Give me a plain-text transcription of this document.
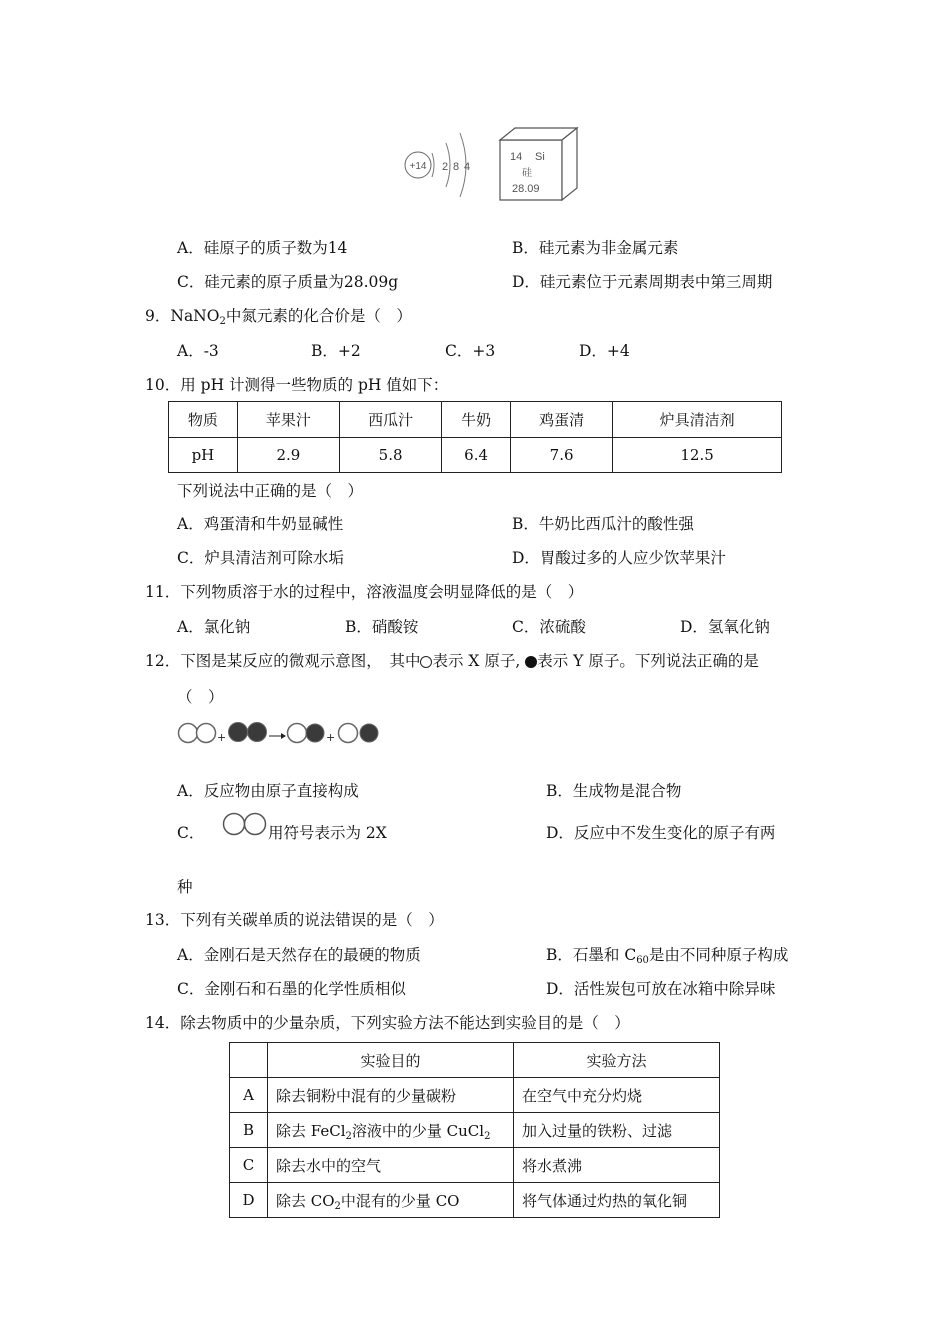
+14 2 8 4
14 Si
硅
28.09
A．硅原子的质子数为14	B．硅元素为非金属元素
C．硅元素的原子质量为28.09g	D．硅元素位于元素周期表中第三周期
9．NaNO$_2$中氮元素的化合价是（　）
A．-3	B．+2	C．+3	D．+4
10．用 pH 计测得一些物质的 pH 值如下：
物质	苹果汁	西瓜汁	牛奶	鸡蛋清	炉具清洁剂
pH	2.9	5.8	6.4	7.6	12.5
下列说法中正确的是（　）
A．鸡蛋清和牛奶显碱性	B．牛奶比西瓜汁的酸性强
C．炉具清洁剂可除水垢	D．胃酸过多的人应少饮苹果汁
11．下列物质溶于水的过程中，溶液温度会明显降低的是（　）
A．氯化钠	B．硝酸铵	C．浓硫酸	D．氢氧化钠
12．下图是某反应的微观示意图，　其中 表示 X 原子, 表示 Y 原子。下列说法正确的是
（　）
+	+
A．反应物由原子直接构成	B．生成物是混合物
C．	用符号表示为 2X	D．反应中不发生变化的原子有两
种
13．下列有关碳单质的说法错误的是（　）
A．金刚石是天然存在的最硬的物质	B．石墨和 $C_{60}$是由不同种原子构成
C．金刚石和石墨的化学性质相似	D．活性炭包可放在冰箱中除异味
14．除去物质中的少量杂质，下列实验方法不能达到实验目的是（　）
	实验目的	实验方法
A	除去铜粉中混有的少量碳粉	在空气中充分灼烧
B	除去 FeCl$_2$溶液中的少量 CuCl$_2$	加入过量的铁粉、过滤
C	除去水中的空气	将水煮沸
D	除去 $CO_2$中混有的少量 CO	将气体通过灼热的氧化铜
